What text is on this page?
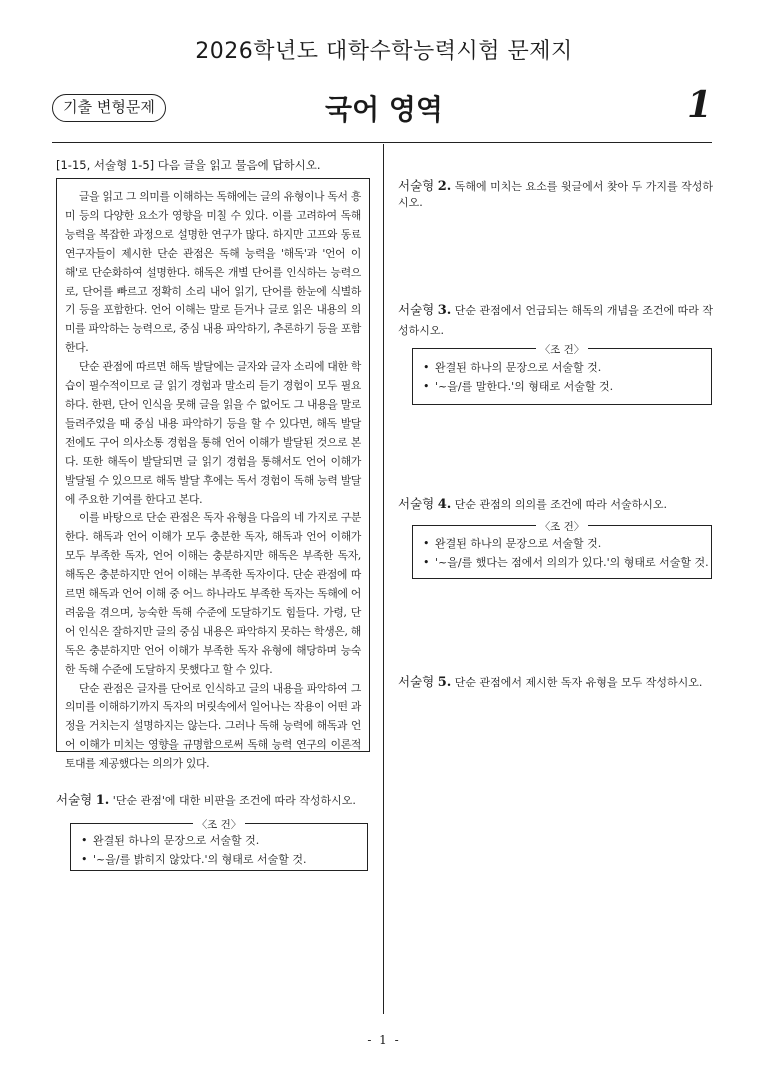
2026학년도 대학수학능력시험 문제지
기출 변형문제	국어 영역	1
[1-15, 서술형 1-5] 다음 글을 읽고 물음에 답하시오.

글을 읽고 그 의미를 이해하는 독해에는 글의 유형이나 독서 흥미 등의 다양한 요소가 영향을 미칠 수 있다. 이를 고려하여 독해 능력을 복잡한 과정으로 설명한 연구가 많다. 하지만 고프와 동료 연구자들이 제시한 단순 관점은 독해 능력을 '해독'과 '언어 이해'로 단순화하여 설명한다. 해독은 개별 단어를 인식하는 능력으로, 단어를 빠르고 정확히 소리 내어 읽기, 단어를 한눈에 식별하기 등을 포함한다. 언어 이해는 말로 듣거나 글로 읽은 내용의 의미를 파악하는 능력으로, 중심 내용 파악하기, 추론하기 등을 포함한다.

단순 관점에 따르면 해독 발달에는 글자와 글자 소리에 대한 학습이 필수적이므로 글 읽기 경험과 말소리 듣기 경험이 모두 필요하다. 한편, 단어 인식을 못해 글을 읽을 수 없어도 그 내용을 말로 들려주었을 때 중심 내용 파악하기 등을 할 수 있다면, 해독 발달 전에도 구어 의사소통 경험을 통해 언어 이해가 발달된 것으로 본다. 또한 해독이 발달되면 글 읽기 경험을 통해서도 언어 이해가 발달될 수 있으므로 해독 발달 후에는 독서 경험이 독해 능력 발달에 주요한 기여를 한다고 본다.

이를 바탕으로 단순 관점은 독자 유형을 다음의 네 가지로 구분한다. 해독과 언어 이해가 모두 충분한 독자, 해독과 언어 이해가 모두 부족한 독자, 언어 이해는 충분하지만 해독은 부족한 독자, 해독은 충분하지만 언어 이해는 부족한 독자이다. 단순 관점에 따르면 해독과 언어 이해 중 어느 하나라도 부족한 독자는 독해에 어려움을 겪으며, 능숙한 독해 수준에 도달하기도 힘들다. 가령, 단어 인식은 잘하지만 글의 중심 내용은 파악하지 못하는 학생은, 해독은 충분하지만 언어 이해가 부족한 독자 유형에 해당하며 능숙한 독해 수준에 도달하지 못했다고 할 수 있다.

단순 관점은 글자를 단어로 인식하고 글의 내용을 파악하여 그 의미를 이해하기까지 독자의 머릿속에서 일어나는 작용이 어떤 과정을 거치는지 설명하지는 않는다. 그러나 독해 능력에 해독과 언어 이해가 미치는 영향을 규명함으로써 독해 능력 연구의 이론적 토대를 제공했다는 의의가 있다.

서술형 1. '단순 관점'에 대한 비판을 조건에 따라 작성하시오.
〈조 건〉
• 완결된 하나의 문장으로 서술할 것.
• '~을/를 밝히지 않았다.'의 형태로 서술할 것.
서술형 2. 독해에 미치는 요소를 윗글에서 찾아 두 가지를 작성하시오.
서술형 3. 단순 관점에서 언급되는 해독의 개념을 조건에 따라 작성하시오.
〈조 건〉
• 완결된 하나의 문장으로 서술할 것.
• '~을/를 말한다.'의 형태로 서술할 것.
서술형 4. 단순 관점의 의의를 조건에 따라 서술하시오.
〈조 건〉
• 완결된 하나의 문장으로 서술할 것.
• '~을/를 했다는 점에서 의의가 있다.'의 형태로 서술할 것.
서술형 5. 단순 관점에서 제시한 독자 유형을 모두 작성하시오.
- 1 -
